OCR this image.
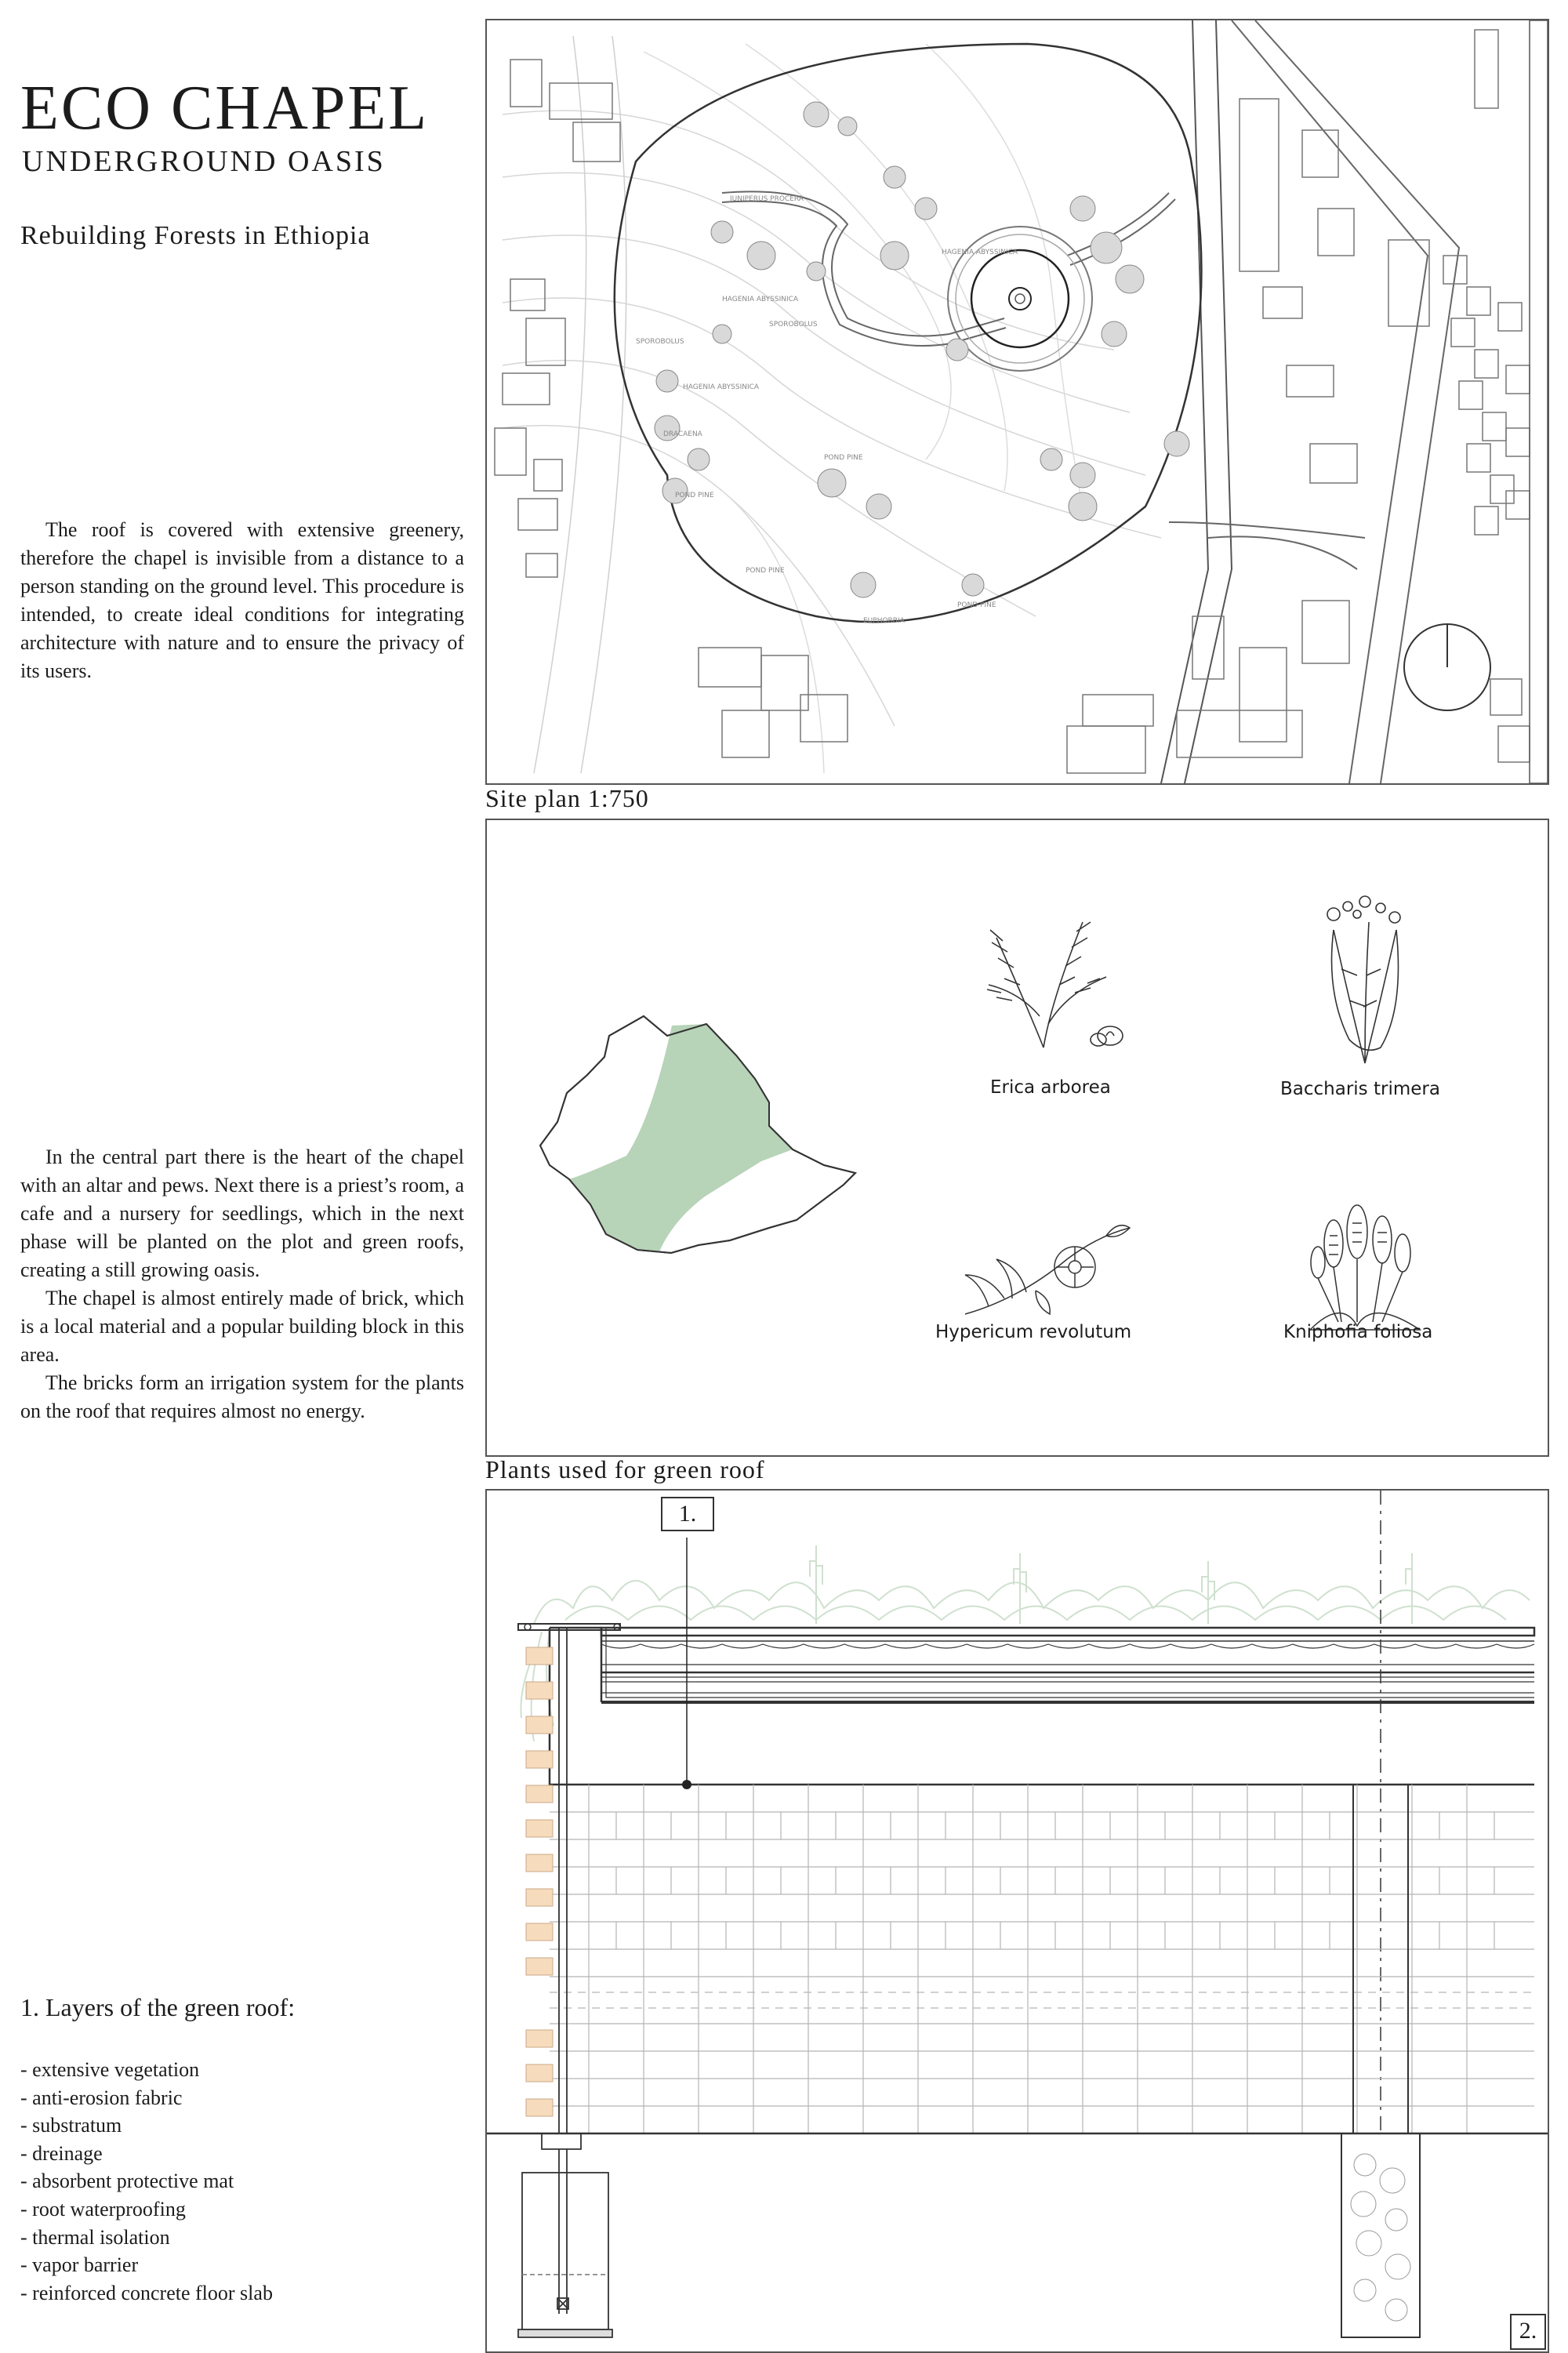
ECO CHAPEL
UNDERGROUND OASIS
Rebuilding Forests in Ethiopia

The roof is covered with extensive greenery, therefore the chapel is invisible from a distance to a person standing on the ground level. This procedure is intended, to create ideal conditions for integrating architecture with nature and to ensure the privacy of its users.

In the central part there is the heart of the chapel with an altar and pews. Next there is a priest’s room, a cafe and a nursery for seedlings, which in the next phase will be planted on the plot and green roofs, creating a still growing oasis.

The chapel is almost entirely made of brick, which is a local material and a popular building block in this area.

The bricks form an irrigation system for the plants on the roof that requires almost no energy.

1. Layers of the green roof:
- extensive vegetation
- anti-erosion fabric
- substratum
- dreinage
- absorbent protective mat
- root waterproofing
- thermal isolation
- vapor barrier
- reinforced concrete floor slab
JUNIPERUS PROCERA
HAGENIA ABYSSINICA
HAGENIA ABYSSINICA
SPOROBOLUS
SPOROBOLUS
HAGENIA ABYSSINICA
DRACAENA
POND PINE
POND PINE
POND PINE
POND PINE
EUPHORBIA
Site plan 1:750
Erica arborea	Baccharis trimera
Hypericum revolutum	Kniphofia foliosa
Plants used for green roof
1.
2.
